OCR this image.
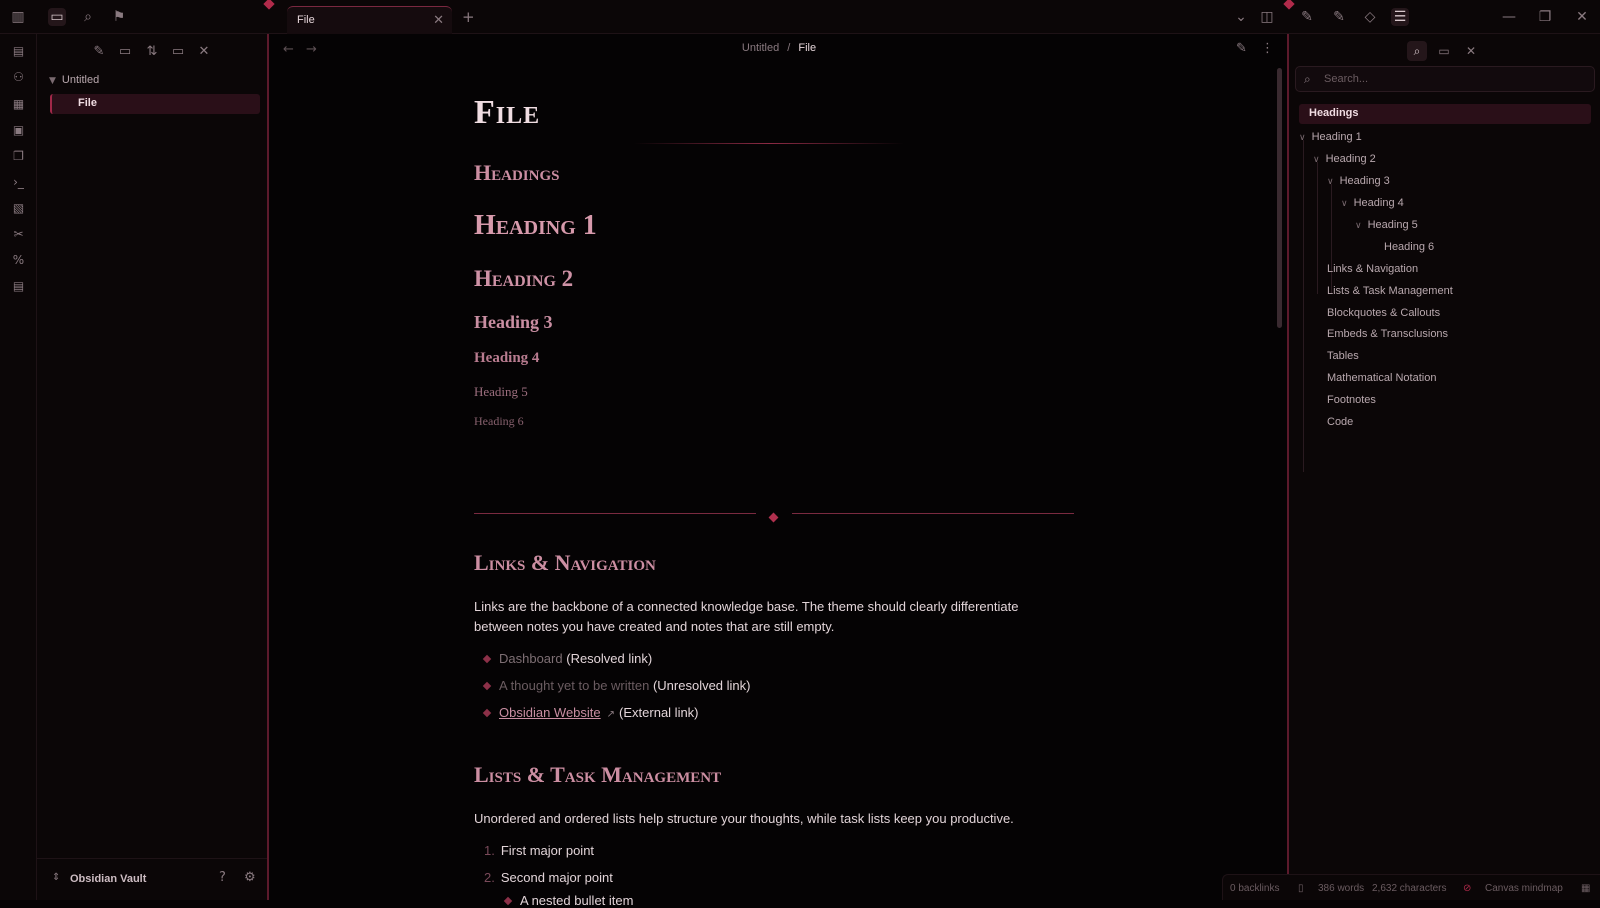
▥ ▭	⌕	⚑	File	✕ +	⌄ ◫ ✎ ✎ ◇ ☰	— ❐ ✕
▤
⚇
▦
▣
❐
›_
▧
✂
%
▤
✎ ▭ ⇅ ▭ ✕
▼ Untitled
File
⇕ Obsidian Vault	? ⚙
← →	Untitled / File	✎ ⋮
File
Headings
Heading 1
Heading 2
Heading 3
Heading 4
Heading 5
Heading 6
Links & Navigation
Links are the backbone of a connected knowledge base. The theme should clearly differentiate between notes you have created and notes that are still empty.
Dashboard (Resolved link)
A thought yet to be written (Unresolved link)
Obsidian Website ↗ (External link)
Lists & Task Management
Unordered and ordered lists help structure your thoughts, while task lists keep you productive.
1. First major point
2. Second major point
A nested bullet item
⌕	▭	✕
⌕
Search...
Headings
∨ Heading 1
∨ Heading 2
∨ Heading 3
∨ Heading 4
∨ Heading 5
Heading 6
Links & Navigation
Lists & Task Management
Blockquotes & Callouts
Embeds & Transclusions
Tables
Mathematical Notation
Footnotes
Code
0 backlinks ▯ 386 words 2,632 characters ⊘ Canvas mindmap ▦
